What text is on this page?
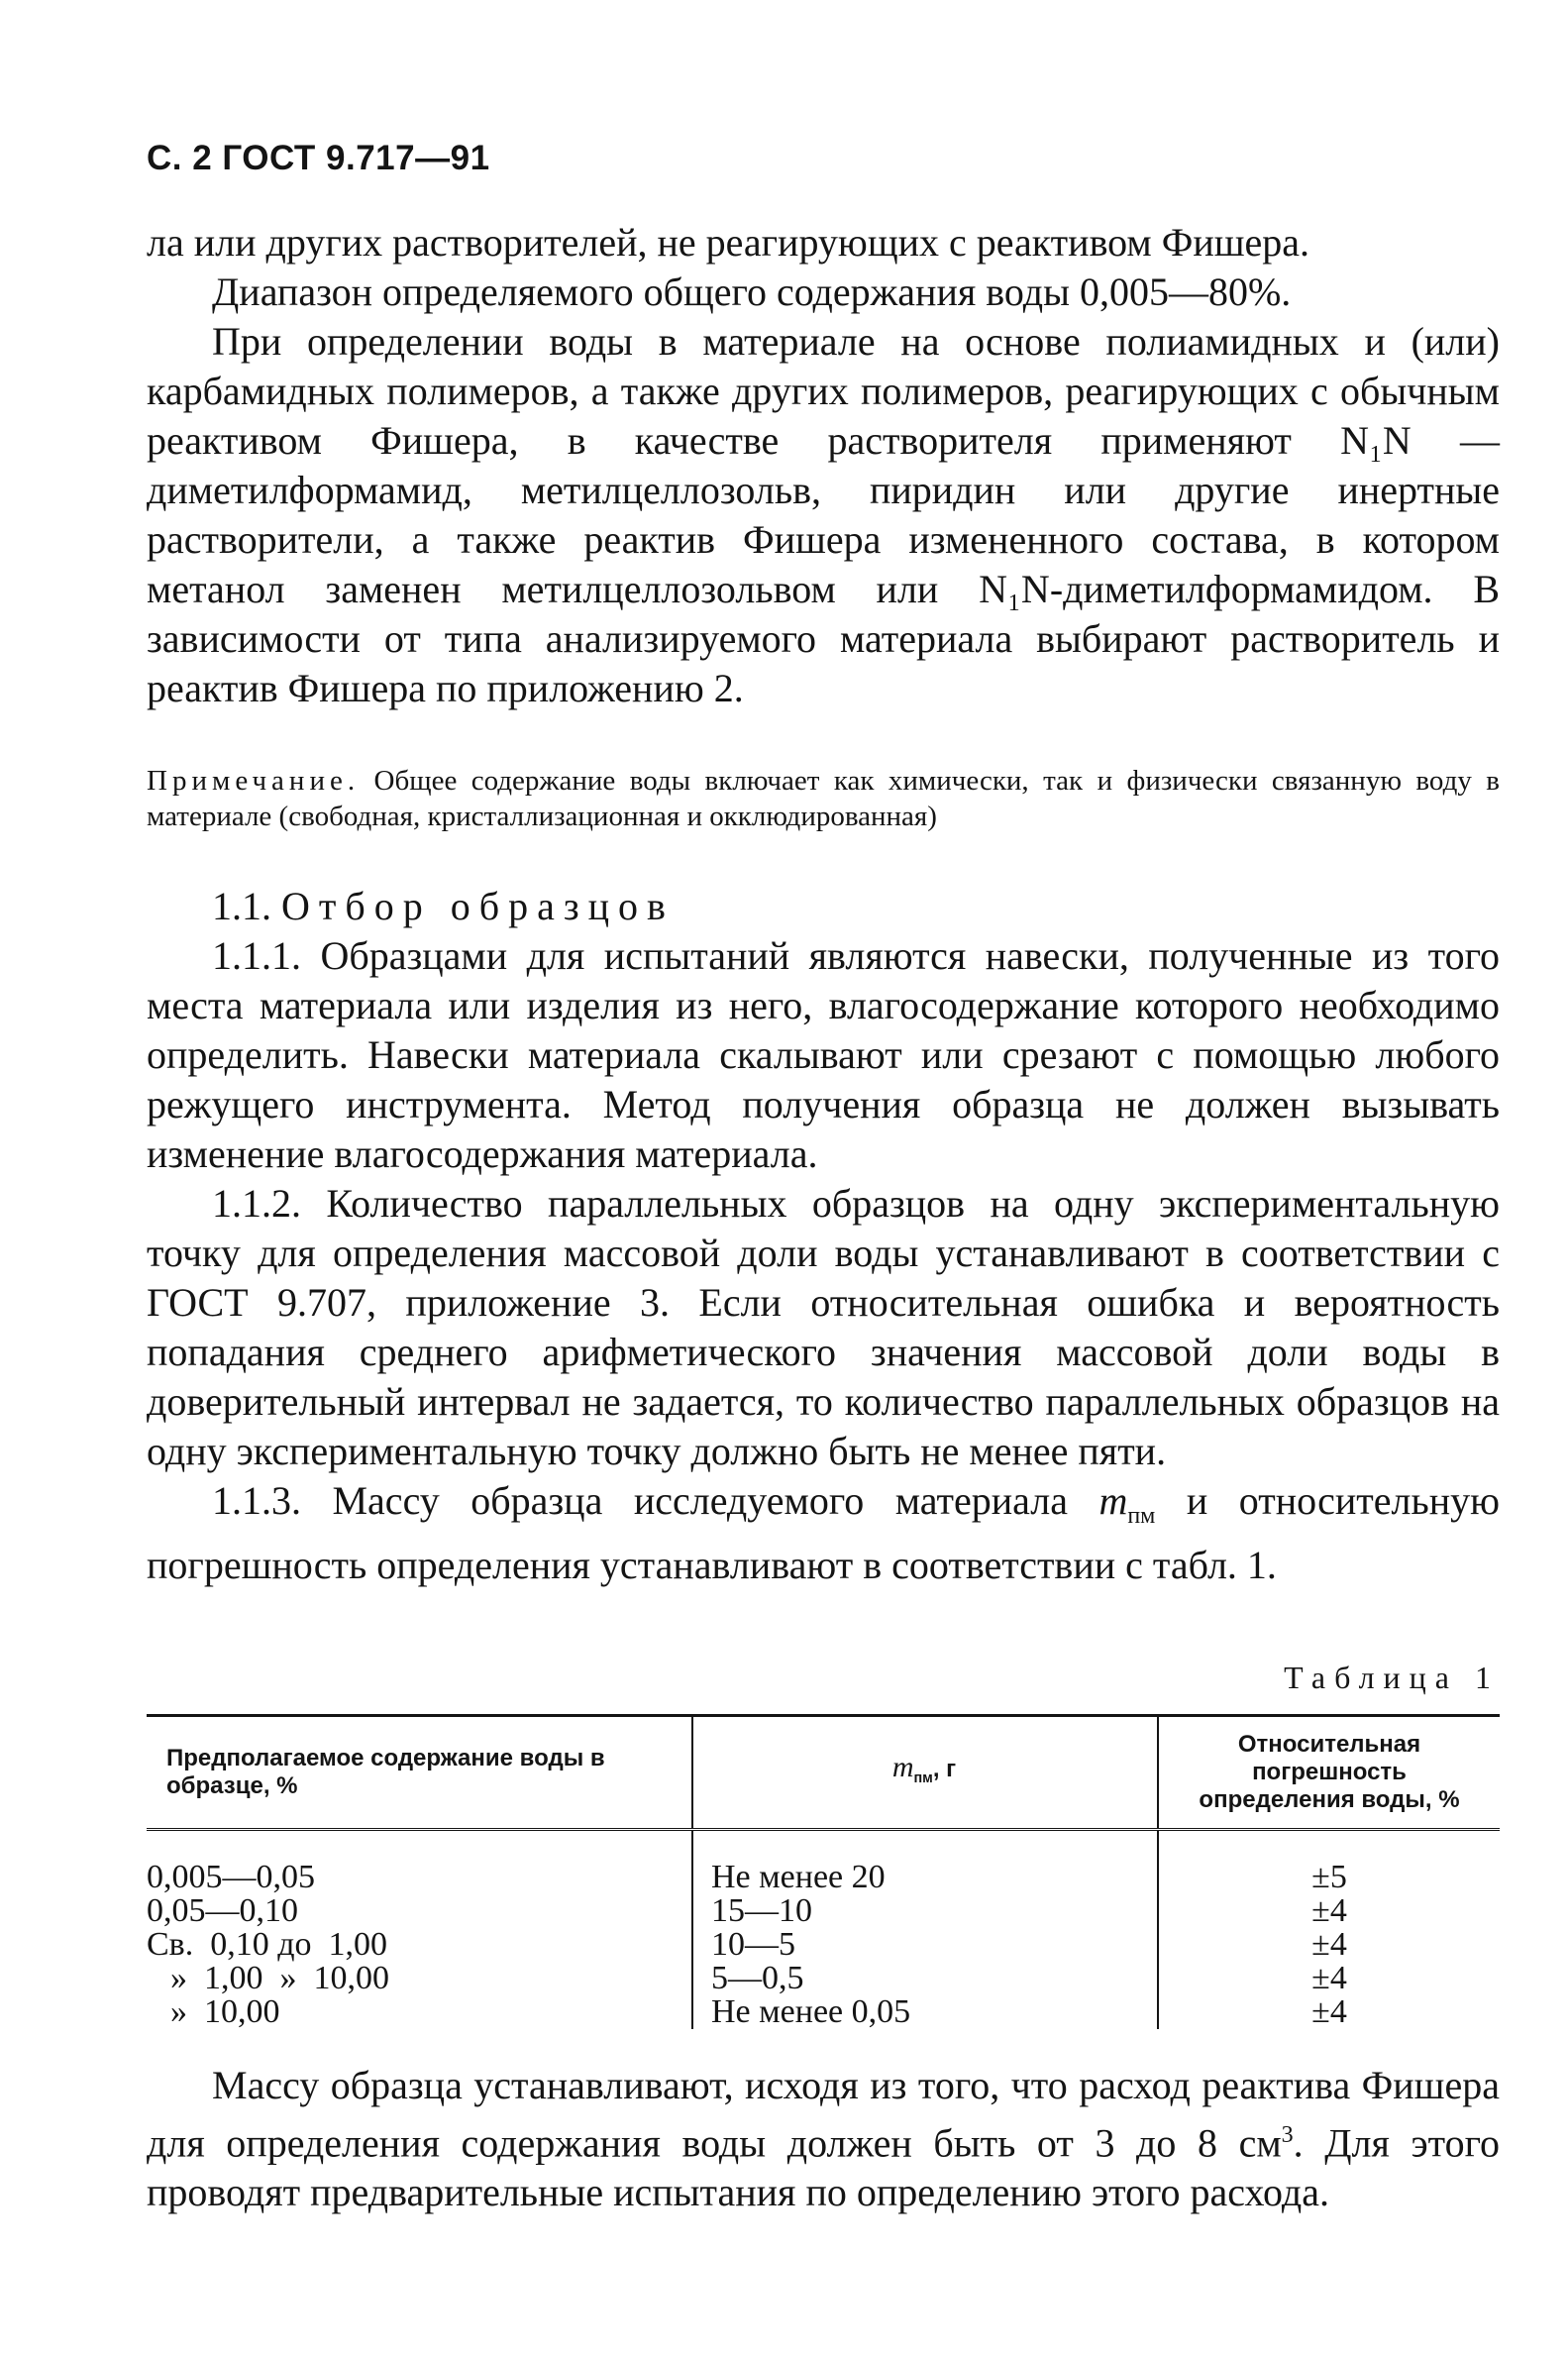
С. 2 ГОСТ 9.717—91

ла или других растворителей, не реагирующих с реактивом Фишера.

Диапазон определяемого общего содержания воды 0,005—80%.

При определении воды в материале на основе полиамидных и (или) карбамидных полимеров, а также других полимеров, реагирующих с обычным реактивом Фишера, в качестве растворителя применяют N₁N — диметилформамид, метилцеллозольв, пиридин или другие инертные растворители, а также реактив Фишера измененного состава, в котором метанол заменен метилцеллозольвом или N₁N-диметилформамидом. В зависимости от типа анализируемого материала выбирают растворитель и реактив Фишера по приложению 2.

Примечание. Общее содержание воды включает как химически, так и физически связанную воду в материале (свободная, кристаллизационная и окклюдированная)

1.1. Отбор образцов

1.1.1. Образцами для испытаний являются навески, полученные из того места материала или изделия из него, влагосодержание которого необходимо определить. Навески материала скалывают или срезают с помощью любого режущего инструмента. Метод получения образца не должен вызывать изменение влагосодержания материала.

1.1.2. Количество параллельных образцов на одну экспериментальную точку для определения массовой доли воды устанавливают в соответствии с ГОСТ 9.707, приложение 3. Если относительная ошибка и вероятность попадания среднего арифметического значения массовой доли воды в доверительный интервал не задается, то количество параллельных образцов на одну экспериментальную точку должно быть не менее пяти.

1.1.3. Массу образца исследуемого материала $m_{пм}$ и относительную погрешность определения устанавливают в соответствии с табл. 1.

Таблица 1
Предполагаемое содержание воды в образце, %	$m_{пм}$, г	Относительная погрешность определения воды, %
0,005—0,05	Не менее 20	±5
0,05—0,10	15—10	±4
Св.  0,10 до  1,00	10—5	±4
»  1,00  »  10,00	5—0,5	±4
»  10,00	Не менее 0,05	±4

Массу образца устанавливают, исходя из того, что расход реактива Фишера для определения содержания воды должен быть от 3 до 8 $см^3$. Для этого проводят предварительные испытания по определению этого расхода.
